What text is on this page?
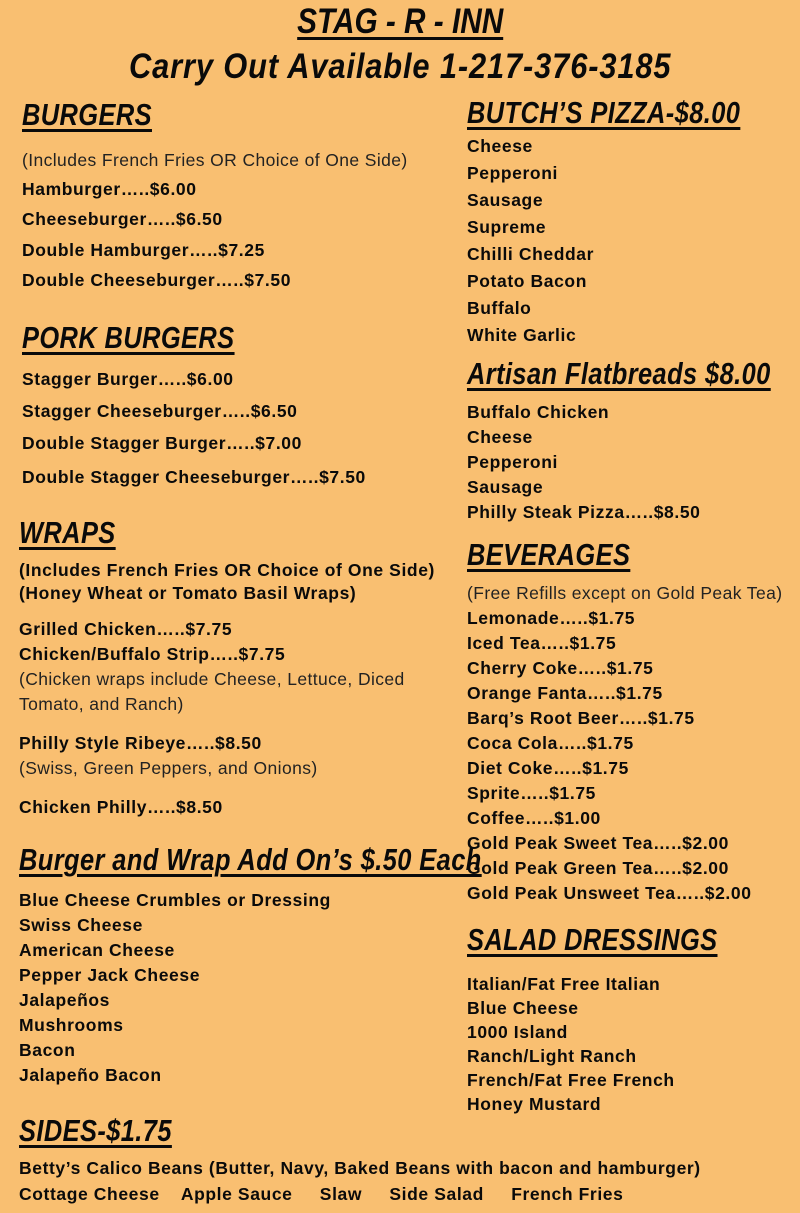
STAG - R - INN
Carry Out Available 1-217-376-3185
BURGERS
(Includes French Fries OR Choice of One Side)
Hamburger…..$6.00
Cheeseburger…..$6.50
Double Hamburger…..$7.25
Double Cheeseburger…..$7.50
PORK BURGERS
Stagger Burger…..$6.00
Stagger Cheeseburger…..$6.50
Double Stagger Burger…..$7.00
Double Stagger Cheeseburger…..$7.50
WRAPS
(Includes French Fries OR Choice of One Side)
(Honey Wheat or Tomato Basil Wraps)
Grilled Chicken…..$7.75
Chicken/Buffalo Strip…..$7.75
(Chicken wraps include Cheese, Lettuce, Diced
Tomato, and Ranch)
Philly Style Ribeye…..$8.50
(Swiss, Green Peppers, and Onions)
Chicken Philly…..$8.50
Burger and Wrap Add On’s $.50 Each
Blue Cheese Crumbles or Dressing
Swiss Cheese
American Cheese
Pepper Jack Cheese
Jalapeños
Mushrooms
Bacon
Jalapeño Bacon
SIDES-$1.75
Betty’s Calico Beans (Butter, Navy, Baked Beans with bacon and hamburger)
Cottage Cheese    Apple Sauce     Slaw     Side Salad     French Fries
BUTCH’S PIZZA-$8.00
Cheese
Pepperoni
Sausage
Supreme
Chilli Cheddar
Potato Bacon
Buffalo
White Garlic
Artisan Flatbreads $8.00
Buffalo Chicken
Cheese
Pepperoni
Sausage
Philly Steak Pizza…..$8.50
BEVERAGES
(Free Refills except on Gold Peak Tea)
Lemonade…..$1.75
Iced Tea…..$1.75
Cherry Coke…..$1.75
Orange Fanta…..$1.75
Barq’s Root Beer…..$1.75
Coca Cola…..$1.75
Diet Coke…..$1.75
Sprite…..$1.75
Coffee…..$1.00
Gold Peak Sweet Tea…..$2.00
Gold Peak Green Tea…..$2.00
Gold Peak Unsweet Tea…..$2.00
SALAD DRESSINGS
Italian/Fat Free Italian
Blue Cheese
1000 Island
Ranch/Light Ranch
French/Fat Free French
Honey Mustard
